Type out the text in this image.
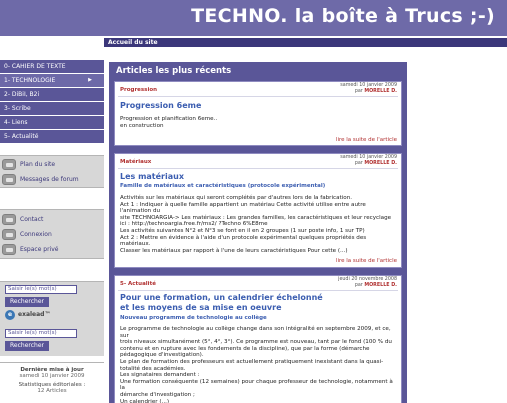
TECHNO. la boîte à Trucs ;-)
Accueil du site
0- CAHIER DE TEXTE
1- TECHNOLOGIE	▶
2- DiBiI, B2i
3- Scribe
4- Liens
5- Actualité
Plan du site
Messages de forum
Contact
Connexion
Espace privé
Saisir le(s) mot(s)
Rechercher
e exalead™
Saisir le(s) mot(s)
Rechercher
Dernière mise à jour
samedi 10 janvier 2009
Statistiques éditoriales :
12 Articles
Articles les plus récents
samedi 10 janvier 2009
par MORELLE D.
Progression
Progression 6eme
Progression et planification 6eme..
en construction
lire la suite de l'article
samedi 10 janvier 2009
par MORELLE D.
Matériaux
Les matériaux
Famille de matériaux et caractéristiques (protocole expérimental)
Activités sur les matériaux qui seront complétés par d'autres lors de la fabrication.
Act 1 : Indiquer à quelle famille appartient un matériau Cette activité utilise entre autre l'animation du
site TECHNOARGIA-> Les matériaux : Les grandes familles, les caractéristiques et leur recyclage
ici : http://technoargia.free.fr/ms2/ ?Techno 6%E8me
Les activités suivantes N°2 et N°3 se font en il en 2 groupes (1 sur poste info, 1 sur TP)
Act 2 : Mettre en évidence à l'aide d'un protocole expérimental quelques propriétés des matériaux.
Classer les matériaux par rapport à l'une de leurs caractéristiques Pour cette (...)
lire la suite de l'article
jeudi 20 novembre 2008
par MORELLE D.
5- Actualité
Pour une formation, un calendrier échelonné
et les moyens de sa mise en oeuvre
Nouveau programme de technologie au collège
Le programme de technologie au collège change dans son intégralité en septembre 2009, et ce, sur
trois niveaux simultanément (5°, 4°, 3°). Ce programme est nouveau, tant par le fond (100 % du
contenu et en rupture avec les fondements de la discipline), que par la forme (démarche
pédagogique d'investigation).
Le plan de formation des professeurs est actuellement pratiquement inexistant dans la quasi-
totalité des académies.
Les signataires demandent :
Une formation conséquente (12 semaines) pour chaque professeur de technologie, notamment à la
démarche d'investigation ;
Un calendrier (...)
